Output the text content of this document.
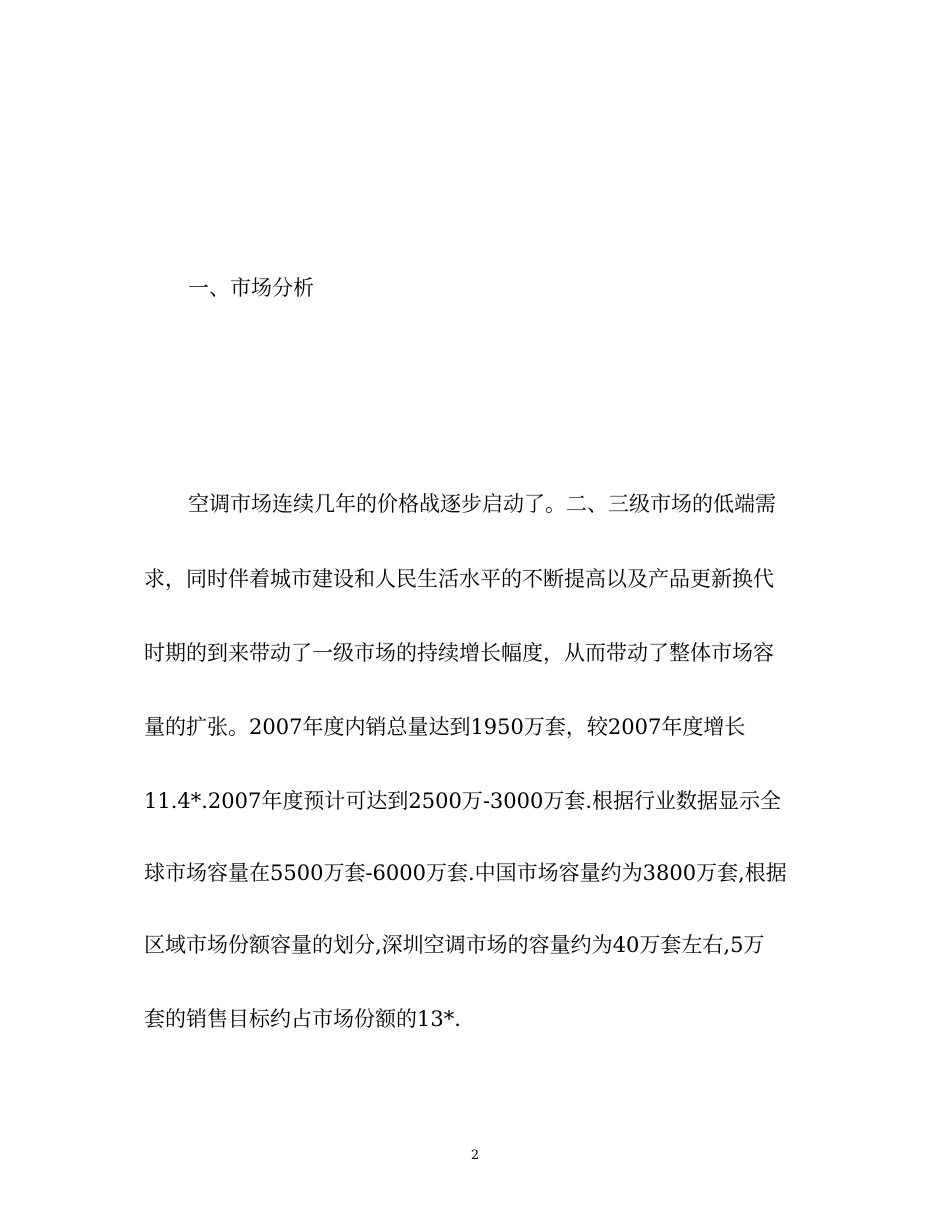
一、市场分析
空调市场连续几年的价格战逐步启动了。二、三级市场的低端需
求，同时伴着城市建设和人民生活水平的不断提高以及产品更新换代
时期的到来带动了一级市场的持续增长幅度，从而带动了整体市场容
量的扩张。2007年度内销总量达到1950万套，较2007年度增长
11.4*.2007年度预计可达到2500万-3000万套.根据行业数据显示全
球市场容量在5500万套-6000万套.中国市场容量约为3800万套,根据
区域市场份额容量的划分,深圳空调市场的容量约为40万套左右,5万
套的销售目标约占市场份额的13*.
2
